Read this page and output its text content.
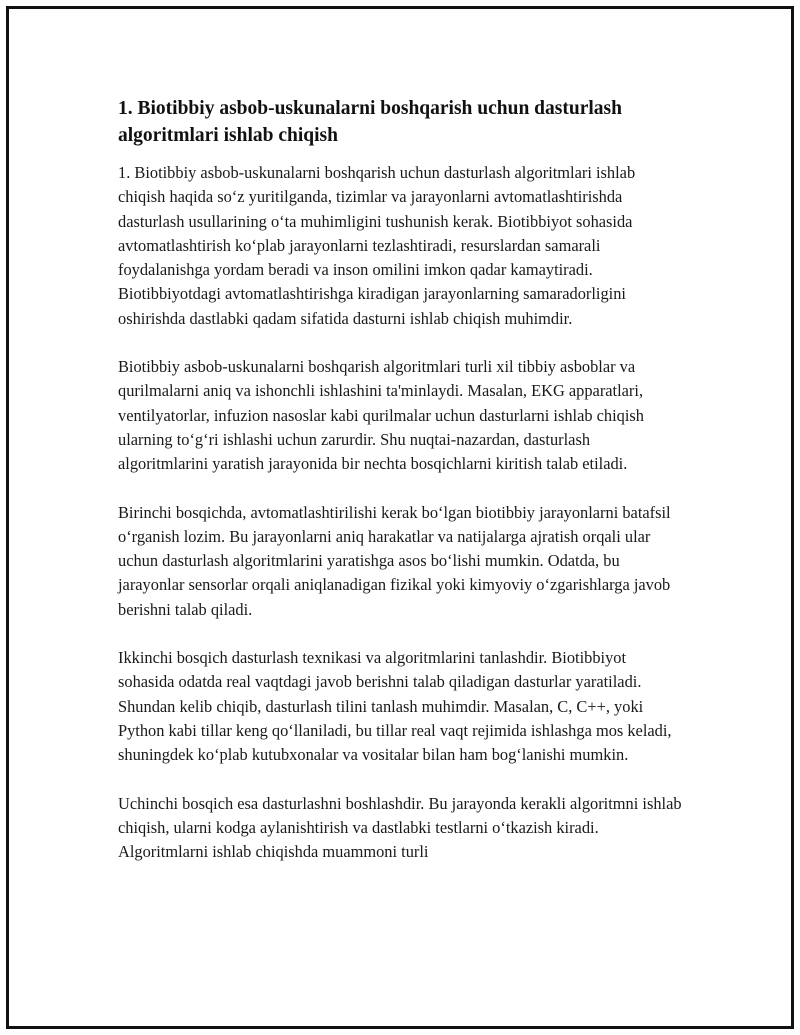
1. Biotibbiy asbob-uskunalarni boshqarish uchun dasturlash algoritmlari ishlab chiqish

1. Biotibbiy asbob-uskunalarni boshqarish uchun dasturlash algoritmlari ishlab chiqish haqida so‘z yuritilganda, tizimlar va jarayonlarni avtomatlashtirishda dasturlash usullarining o‘ta muhimligini tushunish kerak. Biotibbiyot sohasida avtomatlashtirish ko‘plab jarayonlarni tezlashtiradi, resurslardan samarali foydalanishga yordam beradi va inson omilini imkon qadar kamaytiradi. Biotibbiyotdagi avtomatlashtirishga kiradigan jarayonlarning samaradorligini oshirishda dastlabki qadam sifatida dasturni ishlab chiqish muhimdir.

Biotibbiy asbob-uskunalarni boshqarish algoritmlari turli xil tibbiy asboblar va qurilmalarni aniq va ishonchli ishlashini ta'minlaydi. Masalan, EKG apparatlari, ventilyatorlar, infuzion nasoslar kabi qurilmalar uchun dasturlarni ishlab chiqish ularning to‘g‘ri ishlashi uchun zarurdir. Shu nuqtai-nazardan, dasturlash algoritmlarini yaratish jarayonida bir nechta bosqichlarni kiritish talab etiladi.

Birinchi bosqichda, avtomatlashtirilishi kerak bo‘lgan biotibbiy jarayonlarni batafsil o‘rganish lozim. Bu jarayonlarni aniq harakatlar va natijalarga ajratish orqali ular uchun dasturlash algoritmlarini yaratishga asos bo‘lishi mumkin. Odatda, bu jarayonlar sensorlar orqali aniqlanadigan fizikal yoki kimyoviy o‘zgarishlarga javob berishni talab qiladi.

Ikkinchi bosqich dasturlash texnikasi va algoritmlarini tanlashdir. Biotibbiyot sohasida odatda real vaqtdagi javob berishni talab qiladigan dasturlar yaratiladi. Shundan kelib chiqib, dasturlash tilini tanlash muhimdir. Masalan, C, C++, yoki Python kabi tillar keng qo‘llaniladi, bu tillar real vaqt rejimida ishlashga mos keladi, shuningdek ko‘plab kutubxonalar va vositalar bilan ham bog‘lanishi mumkin.

Uchinchi bosqich esa dasturlashni boshlashdir. Bu jarayonda kerakli algoritmni ishlab chiqish, ularni kodga aylanishtirish va dastlabki testlarni o‘tkazish kiradi. Algoritmlarni ishlab chiqishda muammoni turli
